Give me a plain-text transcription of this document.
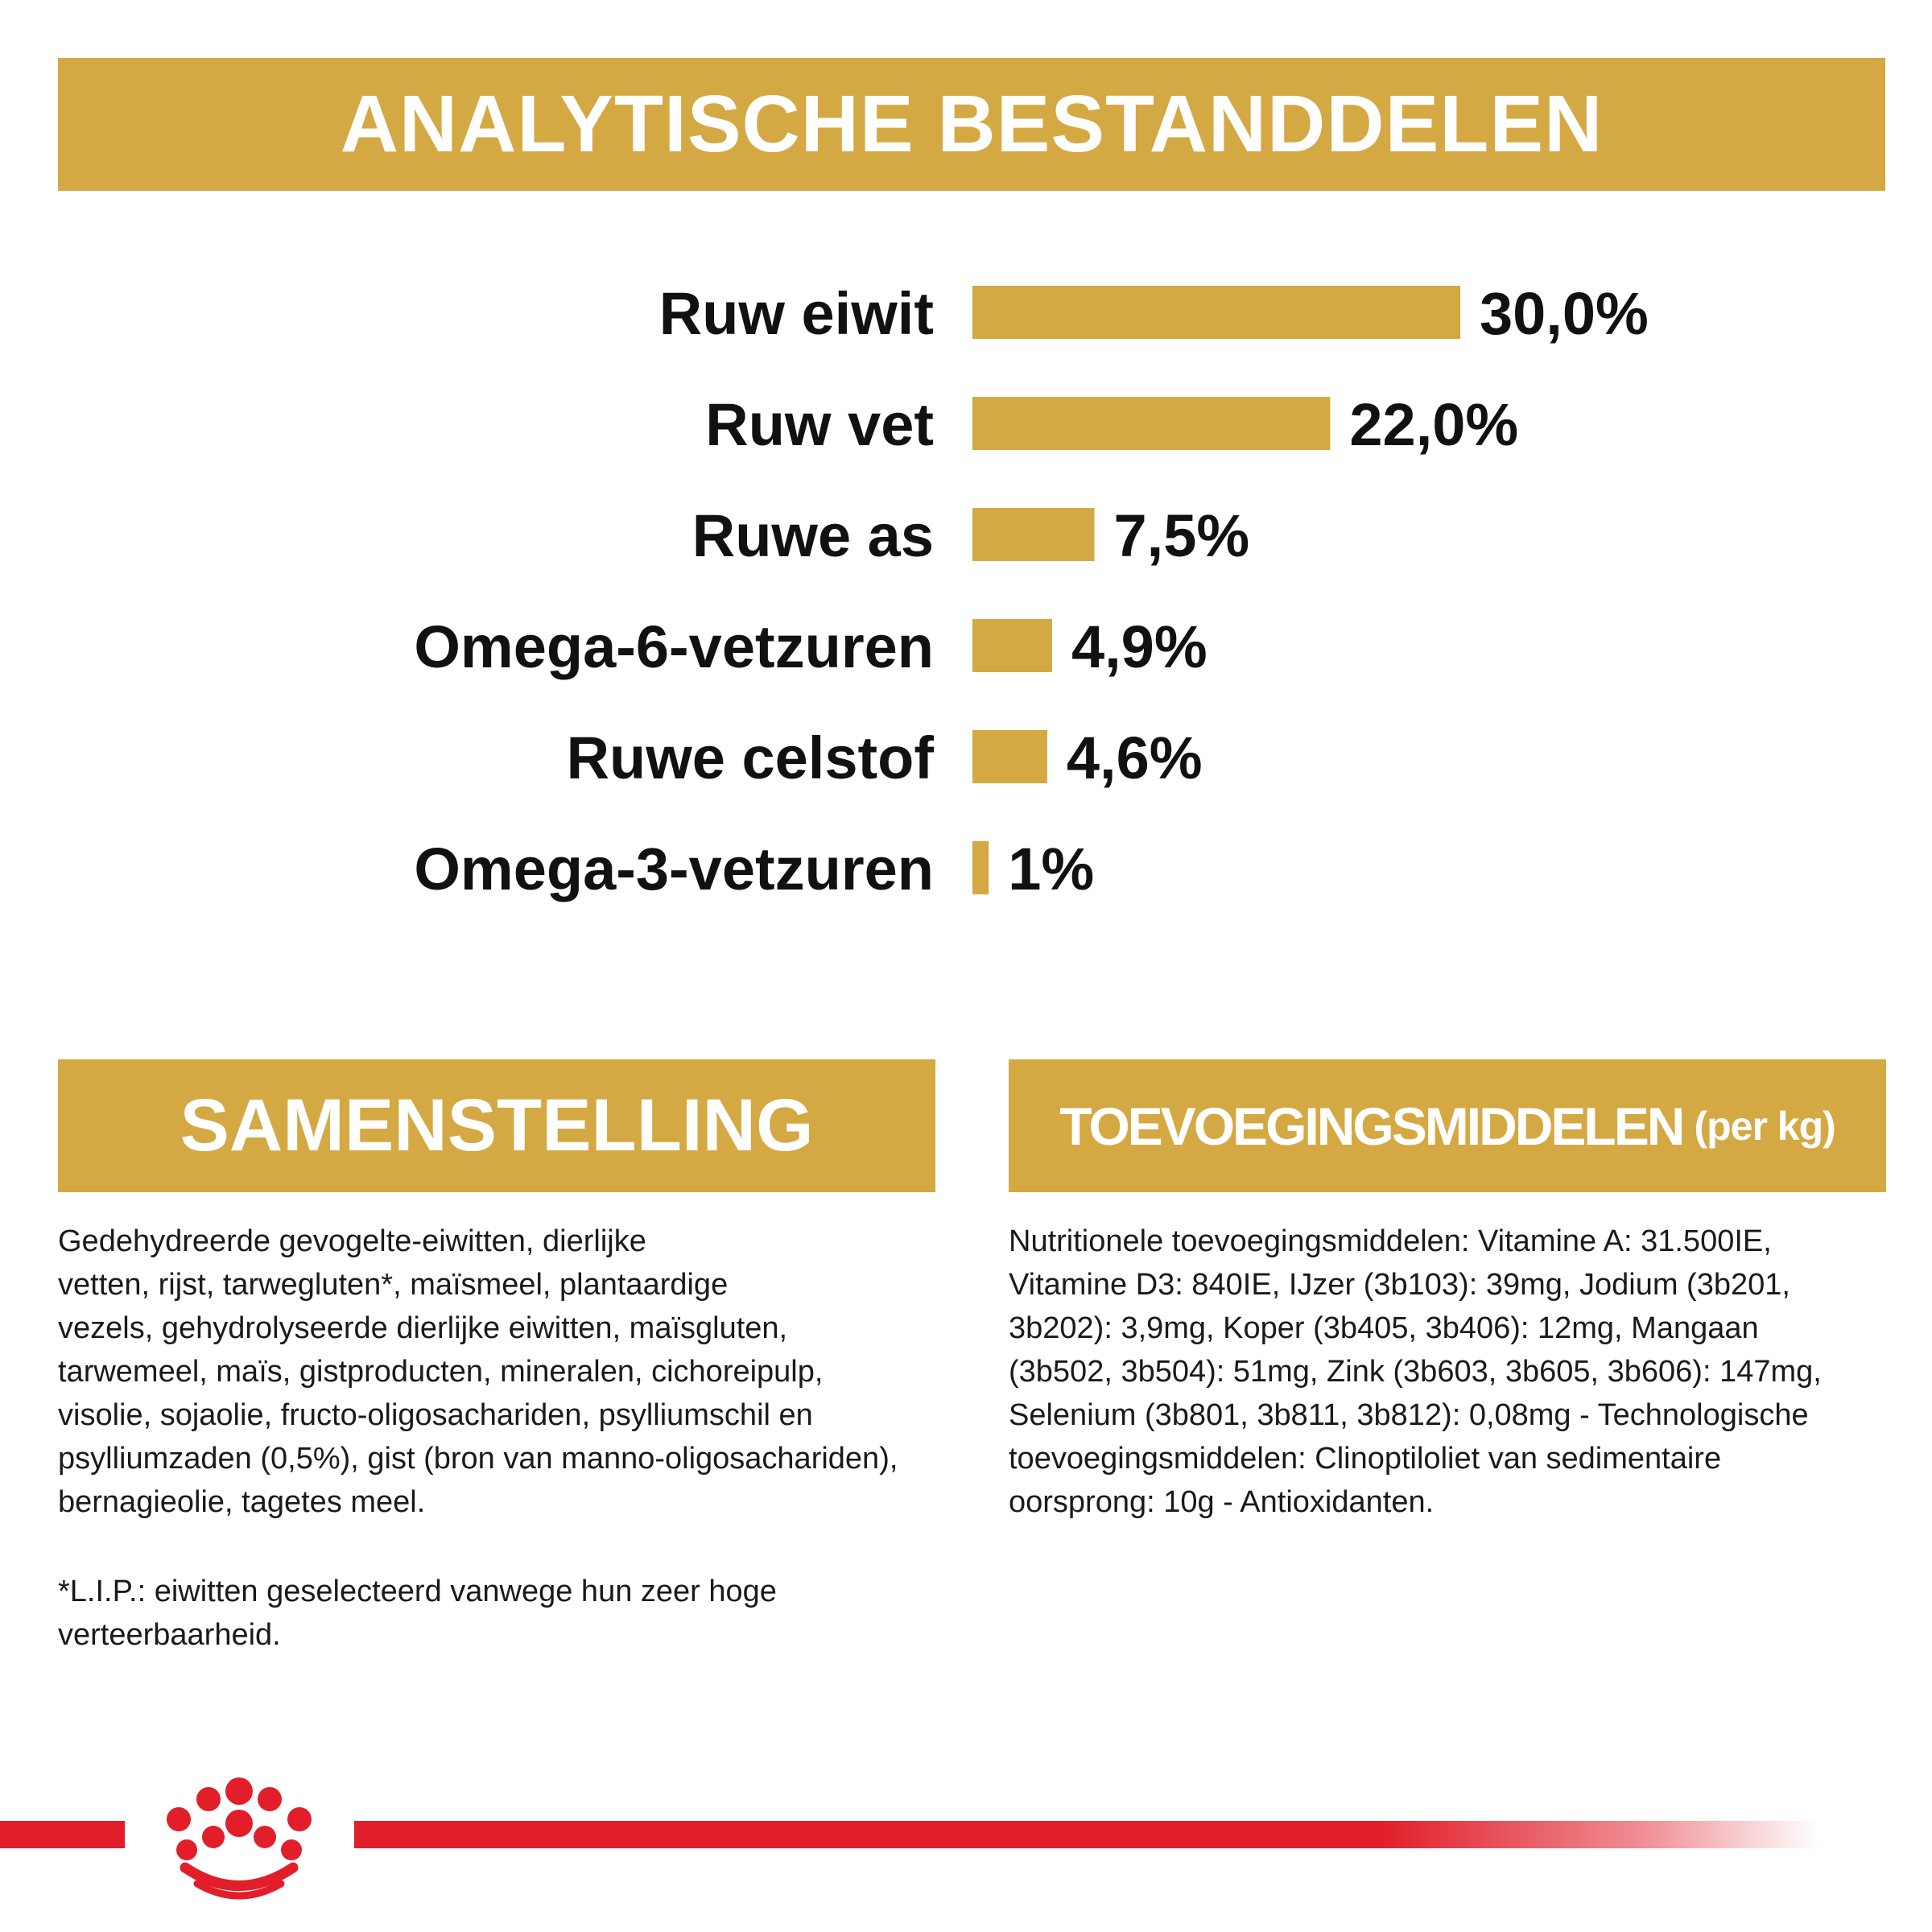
ANALYTISCHE BESTANDDELEN
Ruw eiwit	30,0%
Ruw vet	22,0%
Ruwe as	7,5%
Omega-6-vetzuren 4,9%
Ruwe celstof 4,6%
Omega-3-vetzuren 1%
SAMENSTELLING
Gedehydreerde gevogelte-eiwitten, dierlijke
vetten, rijst, tarwegluten*, maïsmeel, plantaardige
vezels, gehydrolyseerde dierlijke eiwitten, maïsgluten,
tarwemeel, maïs, gistproducten, mineralen, cichoreipulp,
visolie, sojaolie, fructo-oligosachariden, psylliumschil en
psylliumzaden (0,5%), gist (bron van manno-oligosachariden),
bernagieolie, tagetes meel.
*L.I.P.: eiwitten geselecteerd vanwege hun zeer hoge
verteerbaarheid.
TOEVOEGINGSMIDDELEN (per kg)
Nutritionele toevoegingsmiddelen: Vitamine A: 31.500IE,
Vitamine D3: 840IE, IJzer (3b103): 39mg, Jodium (3b201,
3b202): 3,9mg, Koper (3b405, 3b406): 12mg, Mangaan
(3b502, 3b504): 51mg, Zink (3b603, 3b605, 3b606): 147mg,
Selenium (3b801, 3b811, 3b812): 0,08mg - Technologische
toevoegingsmiddelen: Clinoptiloliet van sedimentaire
oorsprong: 10g - Antioxidanten.
